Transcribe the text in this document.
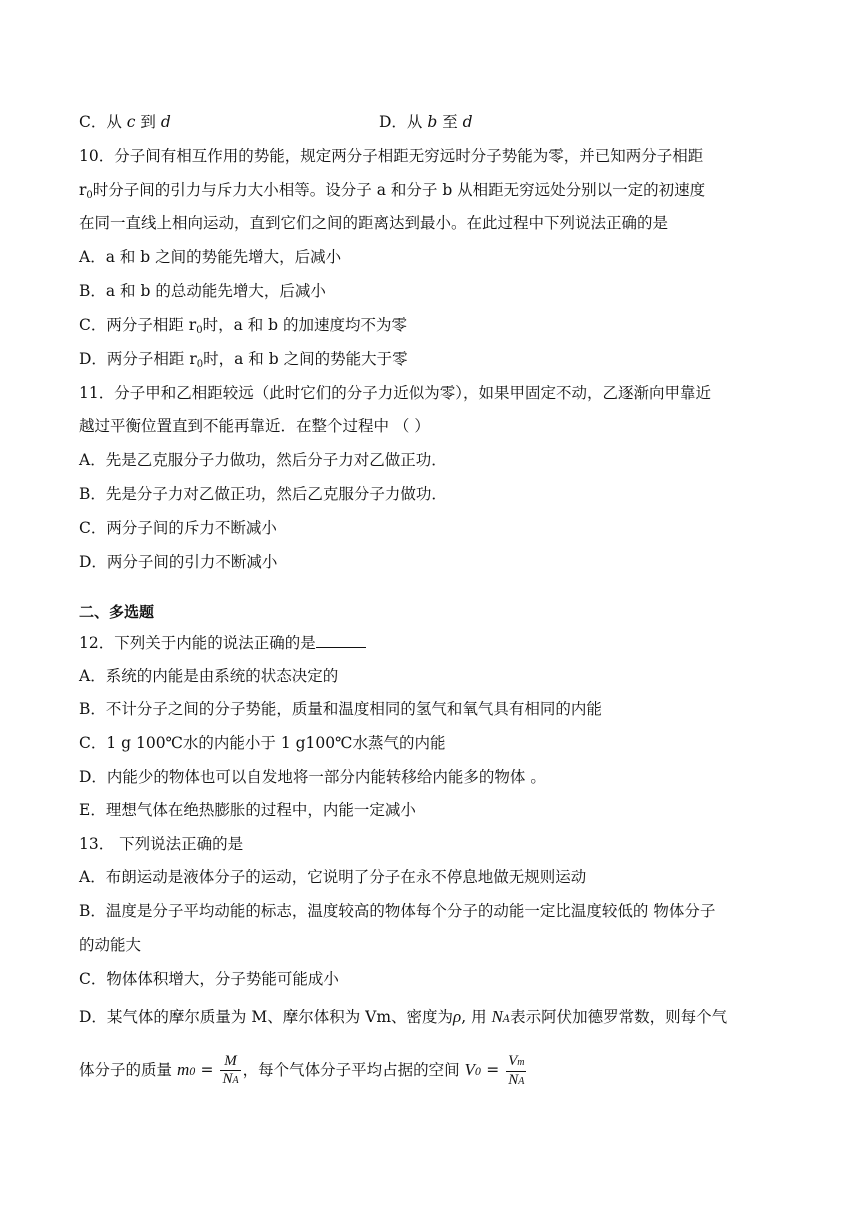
C．从 c 到 d	D．从 b 至 d
10．分子间有相互作用的势能，规定两分子相距无穷远时分子势能为零，并已知两分子相距
$r_0$时分子间的引力与斥力大小相等。设分子 a 和分子 b 从相距无穷远处分别以一定的初速度
在同一直线上相向运动，直到它们之间的距离达到最小。在此过程中下列说法正确的是
A．a 和 b 之间的势能先增大，后减小
B．a 和 b 的总动能先增大，后减小
C．两分子相距 $r_0$时，a 和 b 的加速度均不为零
D．两分子相距 $r_0$时，a 和 b 之间的势能大于零
11．分子甲和乙相距较远（此时它们的分子力近似为零），如果甲固定不动，乙逐渐向甲靠近
越过平衡位置直到不能再靠近．在整个过程中 （ ）
A．先是乙克服分子力做功，然后分子力对乙做正功．
B．先是分子力对乙做正功，然后乙克服分子力做功．
C．两分子间的斥力不断减小
D．两分子间的引力不断减小
二、多选题
12．下列关于内能的说法正确的是
A．系统的内能是由系统的状态决定的
B．不计分子之间的分子势能，质量和温度相同的氢气和氧气具有相同的内能
C．1 g 100℃水的内能小于 1 g100℃水蒸气的内能
D．内能少的物体也可以自发地将一部分内能转移给内能多的物体 。
E．理想气体在绝热膨胀的过程中，内能一定减小
13． 下列说法正确的是
A．布朗运动是液体分子的运动，它说明了分子在永不停息地做无规则运动
B．温度是分子平均动能的标志，温度较高的物体每个分子的动能一定比温度较低的 物体分子
的动能大
C．物体体积增大，分子势能可能成小
D．某气体的摩尔质量为 M、摩尔体积为 Vm、密度为ρ, 用 NA表示阿伏加德罗常数，则每个气
体分子的质量 $m0 = \frac{M}{NA}$ ，每个气体分子平均占据的空间 $V0 = \frac{Vm}{NA}$
